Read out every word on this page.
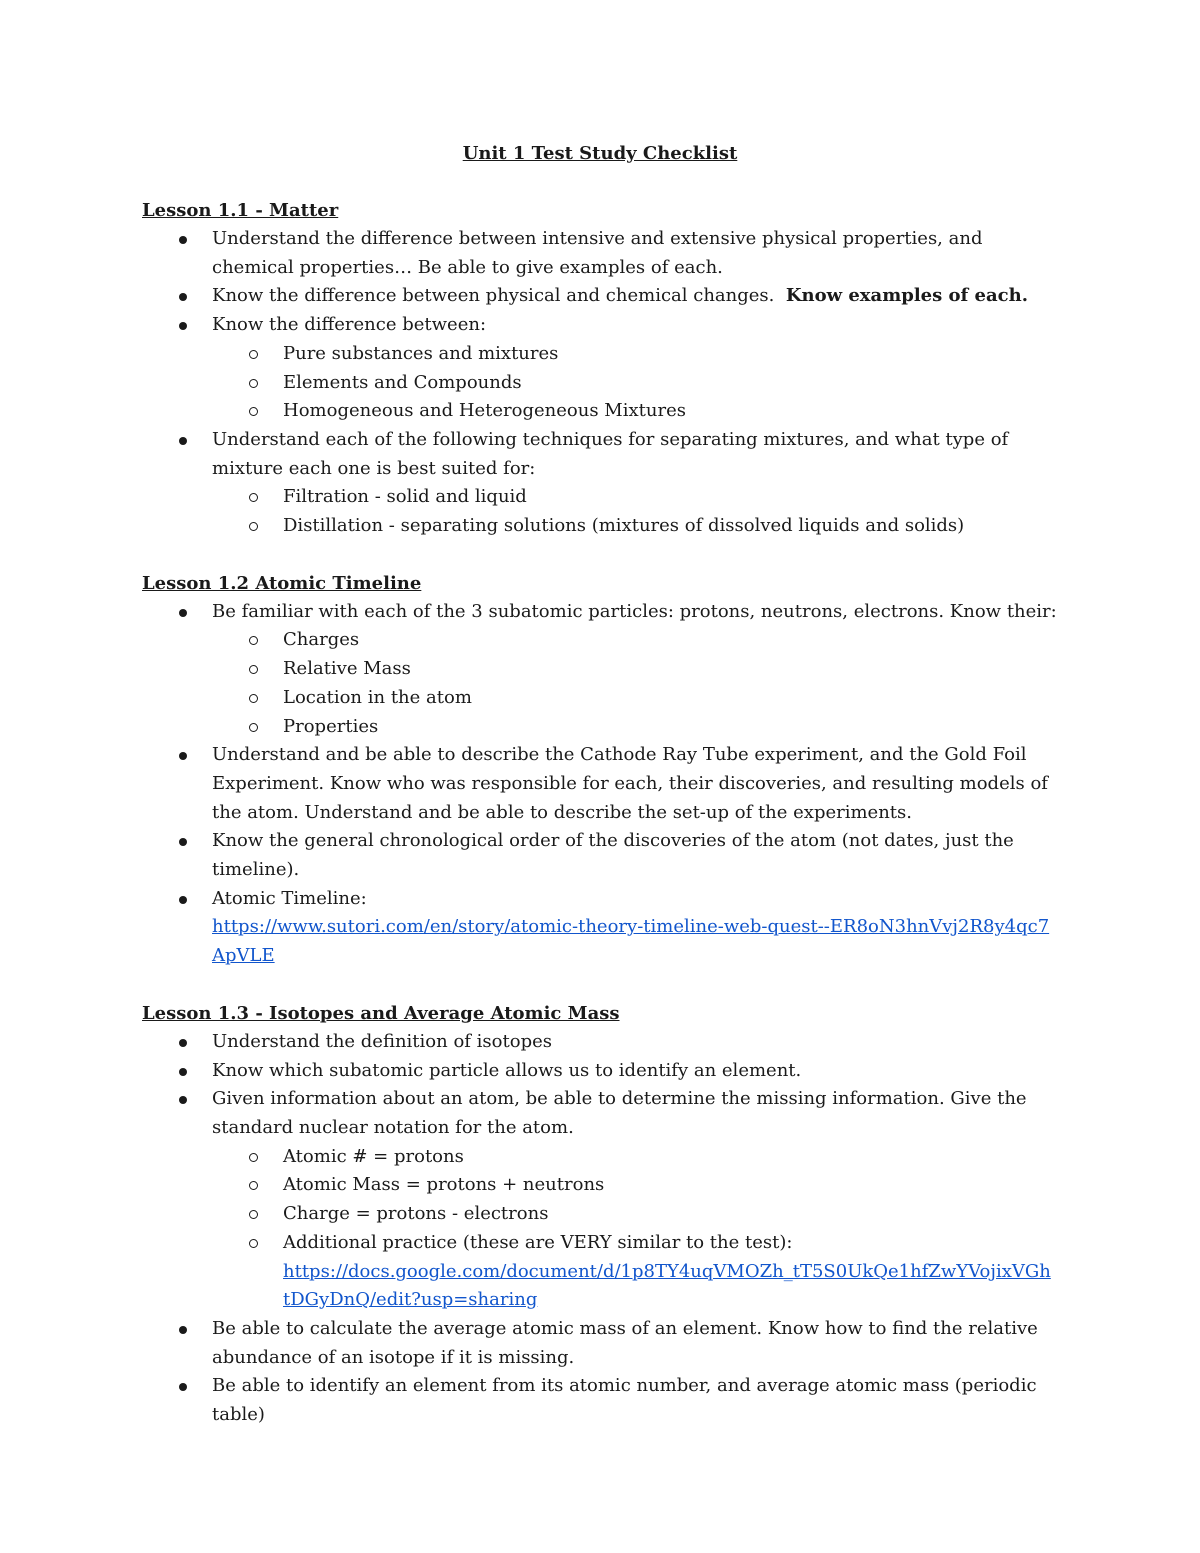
Unit 1 Test Study Checklist
Lesson 1.1 - Matter
Understand the difference between intensive and extensive physical properties, and chemical properties… Be able to give examples of each.
Know the difference between physical and chemical changes. Know examples of each.
Know the difference between:
Pure substances and mixtures
Elements and Compounds
Homogeneous and Heterogeneous Mixtures
Understand each of the following techniques for separating mixtures, and what type of mixture each one is best suited for:
Filtration - solid and liquid
Distillation - separating solutions (mixtures of dissolved liquids and solids)
Lesson 1.2 Atomic Timeline
Be familiar with each of the 3 subatomic particles: protons, neutrons, electrons. Know their:
Charges
Relative Mass
Location in the atom
Properties
Understand and be able to describe the Cathode Ray Tube experiment, and the Gold Foil Experiment. Know who was responsible for each, their discoveries, and resulting models of the atom. Understand and be able to describe the set-up of the experiments.
Know the general chronological order of the discoveries of the atom (not dates, just the timeline).
Atomic Timeline:
https://www.sutori.com/en/story/atomic-theory-timeline-web-quest--ER8oN3hnVvj2R8y4qc7ApVLE
Lesson 1.3 - Isotopes and Average Atomic Mass
Understand the definition of isotopes
Know which subatomic particle allows us to identify an element.
Given information about an atom, be able to determine the missing information. Give the standard nuclear notation for the atom.
Atomic # = protons
Atomic Mass = protons + neutrons
Charge = protons - electrons
Additional practice (these are VERY similar to the test):
https://docs.google.com/document/d/1p8TY4uqVMOZh_tT5S0UkQe1hfZwYVojixVGhtDGyDnQ/edit?usp=sharing
Be able to calculate the average atomic mass of an element. Know how to find the relative abundance of an isotope if it is missing.
Be able to identify an element from its atomic number, and average atomic mass (periodic table)
